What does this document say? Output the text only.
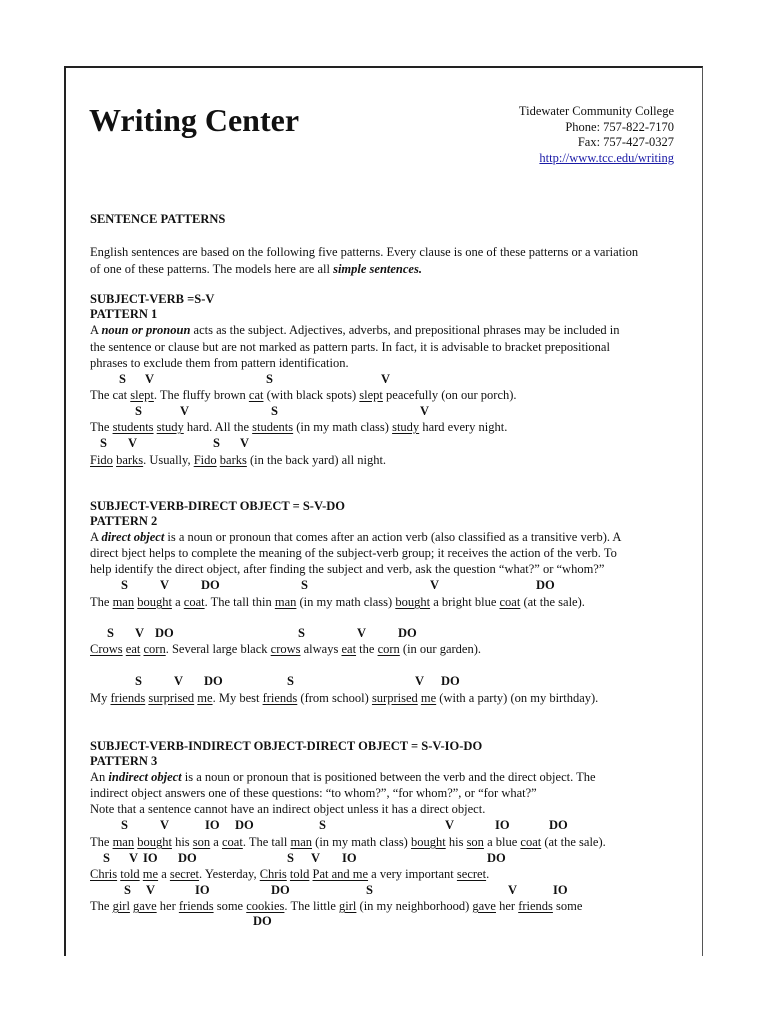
Writing Center	Tidewater Community College
Phone: 757-822-7170
Fax: 757-427-0327
http://www.tcc.edu/writing
SENTENCE PATTERNS
English sentences are based on the following five patterns. Every clause is one of these patterns or a variation
of one of these patterns. The models here are all simple sentences.
SUBJECT-VERB =S-V
PATTERN 1
A noun or pronoun acts as the subject. Adjectives, adverbs, and prepositional phrases may be included in
the sentence or clause but are not marked as pattern parts. In fact, it is advisable to bracket prepositional
phrases to exclude them from pattern identification.
S V	S	V
The cat slept. The fluffy brown cat (with black spots) slept peacefully (on our porch).
S	V	S	V
The students study hard. All the students (in my math class) study hard every night.
S V	S V
Fido barks. Usually, Fido barks (in the back yard) all night.
SUBJECT-VERB-DIRECT OBJECT = S-V-DO
PATTERN 2
A direct object is a noun or pronoun that comes after an action verb (also classified as a transitive verb). A
direct bject helps to complete the meaning of the subject-verb group; it receives the action of the verb. To
help identify the direct object, after finding the subject and verb, ask the question “what?” or “whom?”
S	V	DO	S	V	DO
The man bought a coat. The tall thin man (in my math class) bought a bright blue coat (at the sale).
S V DO	S	V	DO
Crows eat corn. Several large black crows always eat the corn (in our garden).
S	V DO	S	V DO
My friends surprised me. My best friends (from school) surprised me (with a party) (on my birthday).
SUBJECT-VERB-INDIRECT OBJECT-DIRECT OBJECT = S-V-IO-DO
PATTERN 3
An indirect object is a noun or pronoun that is positioned between the verb and the direct object. The
indirect object answers one of these questions: “to whom?”, “for whom?”, or “for what?”
Note that a sentence cannot have an indirect object unless it has a direct object.
S	V	IO DO	S	V	IO	DO
The man bought his son a coat. The tall man (in my math class) bought his son a blue coat (at the sale).
S V IO DO	S V IO	DO
Chris told me a secret. Yesterday, Chris told Pat and me a very important secret.
S V	IO	DO	S	V	IO
The girl gave her friends some cookies. The little girl (in my neighborhood) gave her friends some
DO
